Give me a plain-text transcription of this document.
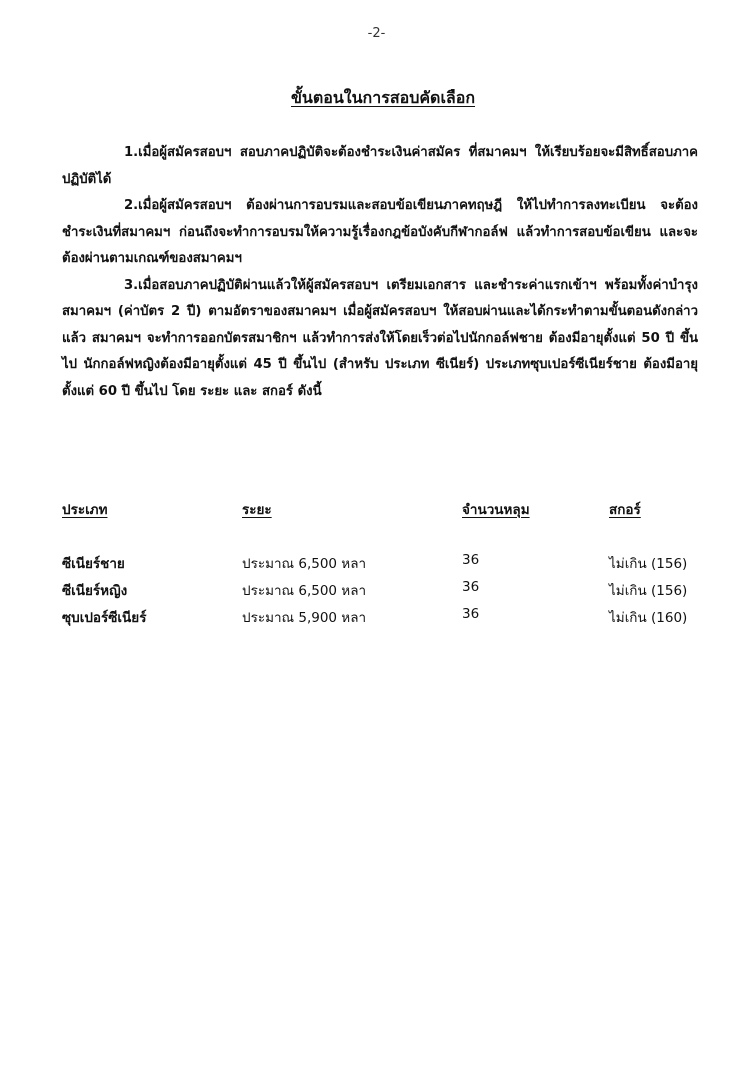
-2-
ขั้นตอนในการสอบคัดเลือก

1.เมื่อผู้สมัครสอบฯ สอบภาคปฏิบัติจะต้องชำระเงินค่าสมัคร ที่สมาคมฯ ให้เรียบร้อยจะมีสิทธิ์สอบภาคปฏิบัติได้

2.เมื่อผู้สมัครสอบฯ ต้องผ่านการอบรมและสอบข้อเขียนภาคทฤษฎี ให้ไปทำการลงทะเบียน จะต้องชำระเงินที่สมาคมฯ ก่อนถึงจะทำการอบรมให้ความรู้เรื่องกฎข้อบังคับกีฬากอล์ฟ แล้วทำการสอบข้อเขียน และจะต้องผ่านตามเกณฑ์ของสมาคมฯ

3.เมื่อสอบภาคปฏิบัติผ่านแล้วให้ผู้สมัครสอบฯ เตรียมเอกสาร และชำระค่าแรกเข้าฯ พร้อมทั้งค่าบำรุงสมาคมฯ (ค่าบัตร 2 ปี) ตามอัตราของสมาคมฯ เมื่อผู้สมัครสอบฯ ให้สอบผ่านและได้กระทำตามขั้นตอนดังกล่าวแล้ว สมาคมฯ จะทำการออกบัตรสมาชิกฯ แล้วทำการส่งให้โดยเร็วต่อไปนักกอล์ฟชาย ต้องมีอายุตั้งแต่ 50 ปี ขึ้นไป นักกอล์ฟหญิงต้องมีอายุตั้งแต่ 45 ปี ขึ้นไป (สำหรับ ประเภท ซีเนียร์) ประเภทซุบเปอร์ซีเนียร์ชาย ต้องมีอายุ ตั้งแต่ 60 ปี ขึ้นไป โดย ระยะ และ สกอร์ ดังนี้

ประเภท	ระยะ	จำนวนหลุม	สกอร์
ซีเนียร์ชาย	ประมาณ 6,500 หลา	36	ไม่เกิน (156)
ซีเนียร์หญิง	ประมาณ 6,500 หลา	36	ไม่เกิน (156)
ซุบเปอร์ซีเนียร์	ประมาณ 5,900 หลา	36	ไม่เกิน (160)
